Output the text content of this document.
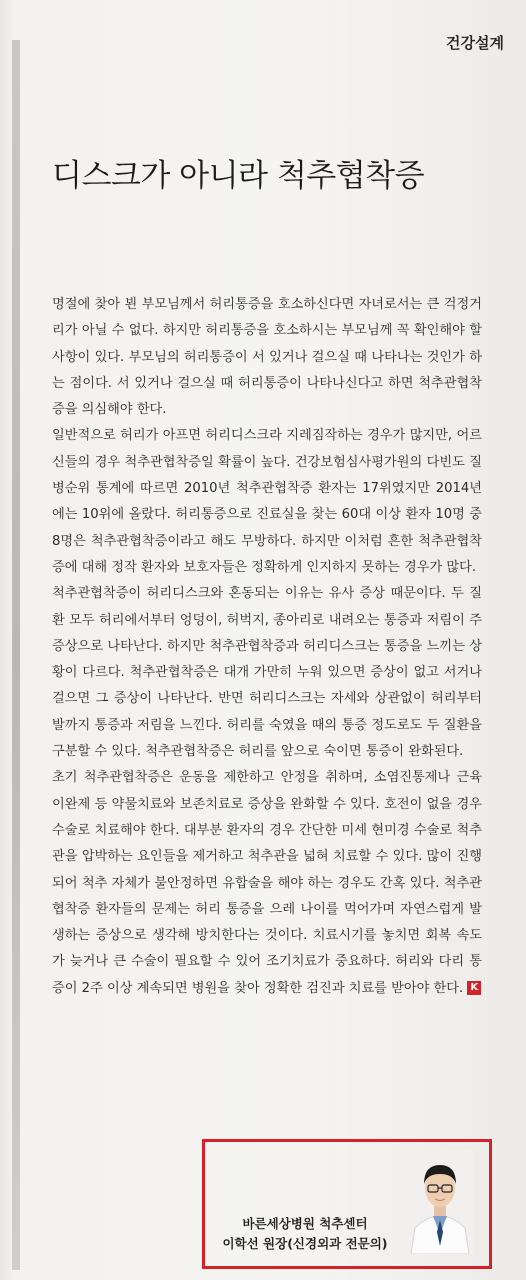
건강설계
디스크가 아니라 척추협착증

명절에 찾아 뵌 부모님께서 허리통증을 호소하신다면 자녀로서는 큰 걱정거리가 아닐 수 없다. 하지만 허리통증을 호소하시는 부모님께 꼭 확인해야 할 사항이 있다. 부모님의 허리통증이 서 있거나 걸으실 때 나타나는 것인가 하는 점이다. 서 있거나 걸으실 때 허리통증이 나타나신다고 하면 척추관협착증을 의심해야 한다.

일반적으로 허리가 아프면 허리디스크라 지레짐작하는 경우가 많지만, 어르신들의 경우 척추관협착증일 확률이 높다. 건강보험심사평가원의 다빈도 질병순위 통계에 따르면 2010년 척추관협착증 환자는 17위였지만 2014년에는 10위에 올랐다. 허리통증으로 진료실을 찾는 60대 이상 환자 10명 중 8명은 척추관협착증이라고 해도 무방하다. 하지만 이처럼 흔한 척추관협착증에 대해 정작 환자와 보호자들은 정확하게 인지하지 못하는 경우가 많다.

척추관협착증이 허리디스크와 혼동되는 이유는 유사 증상 때문이다. 두 질환 모두 허리에서부터 엉덩이, 허벅지, 종아리로 내려오는 통증과 저림이 주증상으로 나타난다. 하지만 척추관협착증과 허리디스크는 통증을 느끼는 상황이 다르다. 척추관협착증은 대개 가만히 누워 있으면 증상이 없고 서거나 걸으면 그 증상이 나타난다. 반면 허리디스크는 자세와 상관없이 허리부터 발까지 통증과 저림을 느낀다. 허리를 숙였을 때의 통증 정도로도 두 질환을 구분할 수 있다. 척추관협착증은 허리를 앞으로 숙이면 통증이 완화된다.

초기 척추관협착증은 운동을 제한하고 안정을 취하며, 소염진통제나 근육 이완제 등 약물치료와 보존치료로 증상을 완화할 수 있다. 호전이 없을 경우 수술로 치료해야 한다. 대부분 환자의 경우 간단한 미세 현미경 수술로 척추관을 압박하는 요인들을 제거하고 척추관을 넓혀 치료할 수 있다. 많이 진행되어 척추 자체가 불안정하면 유합술을 해야 하는 경우도 간혹 있다. 척추관협착증 환자들의 문제는 허리 통증을 으레 나이를 먹어가며 자연스럽게 발생하는 증상으로 생각해 방치한다는 것이다. 치료시기를 놓치면 회복 속도가 늦거나 큰 수술이 필요할 수 있어 조기치료가 중요하다. 허리와 다리 통증이 2주 이상 계속되면 병원을 찾아 정확한 검진과 치료를 받아야 한다. K

바른세상병원 척추센터
이학선 원장(신경외과 전문의)
